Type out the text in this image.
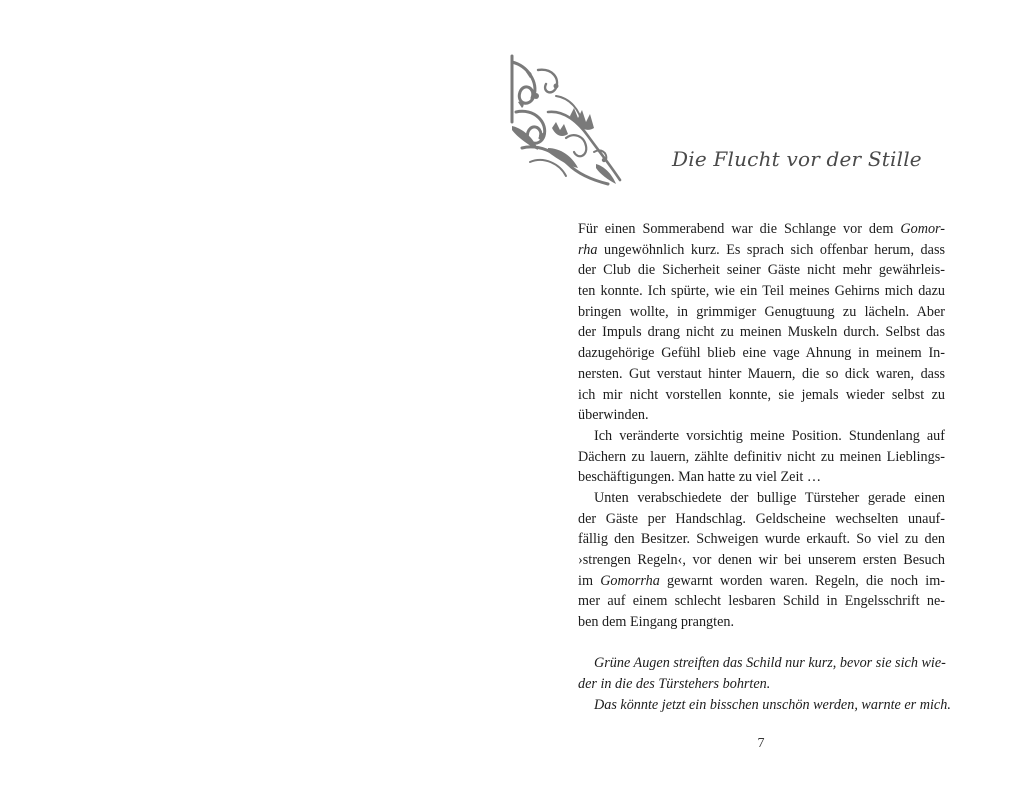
Die Flucht vor der Stille
Für einen Sommerabend war die Schlange vor dem Gomor-
rha ungewöhnlich kurz. Es sprach sich offenbar herum, dass
der Club die Sicherheit seiner Gäste nicht mehr gewährleis-
ten konnte. Ich spürte, wie ein Teil meines Gehirns mich dazu
bringen wollte, in grimmiger Genugtuung zu lächeln. Aber
der Impuls drang nicht zu meinen Muskeln durch. Selbst das
dazugehörige Gefühl blieb eine vage Ahnung in meinem In-
nersten. Gut verstaut hinter Mauern, die so dick waren, dass
ich mir nicht vorstellen konnte, sie jemals wieder selbst zu
überwinden.
Ich veränderte vorsichtig meine Position. Stundenlang auf
Dächern zu lauern, zählte definitiv nicht zu meinen Lieblings-
beschäftigungen. Man hatte zu viel Zeit …
Unten verabschiedete der bullige Türsteher gerade einen
der Gäste per Handschlag. Geldscheine wechselten unauf-
fällig den Besitzer. Schweigen wurde erkauft. So viel zu den
›strengen Regeln‹, vor denen wir bei unserem ersten Besuch
im Gomorrha gewarnt worden waren. Regeln, die noch im-
mer auf einem schlecht lesbaren Schild in Engelsschrift ne-
ben dem Eingang prangten.
Grüne Augen streiften das Schild nur kurz, bevor sie sich wie-
der in die des Türstehers bohrten.
Das könnte jetzt ein bisschen unschön werden, warnte er mich.
7
